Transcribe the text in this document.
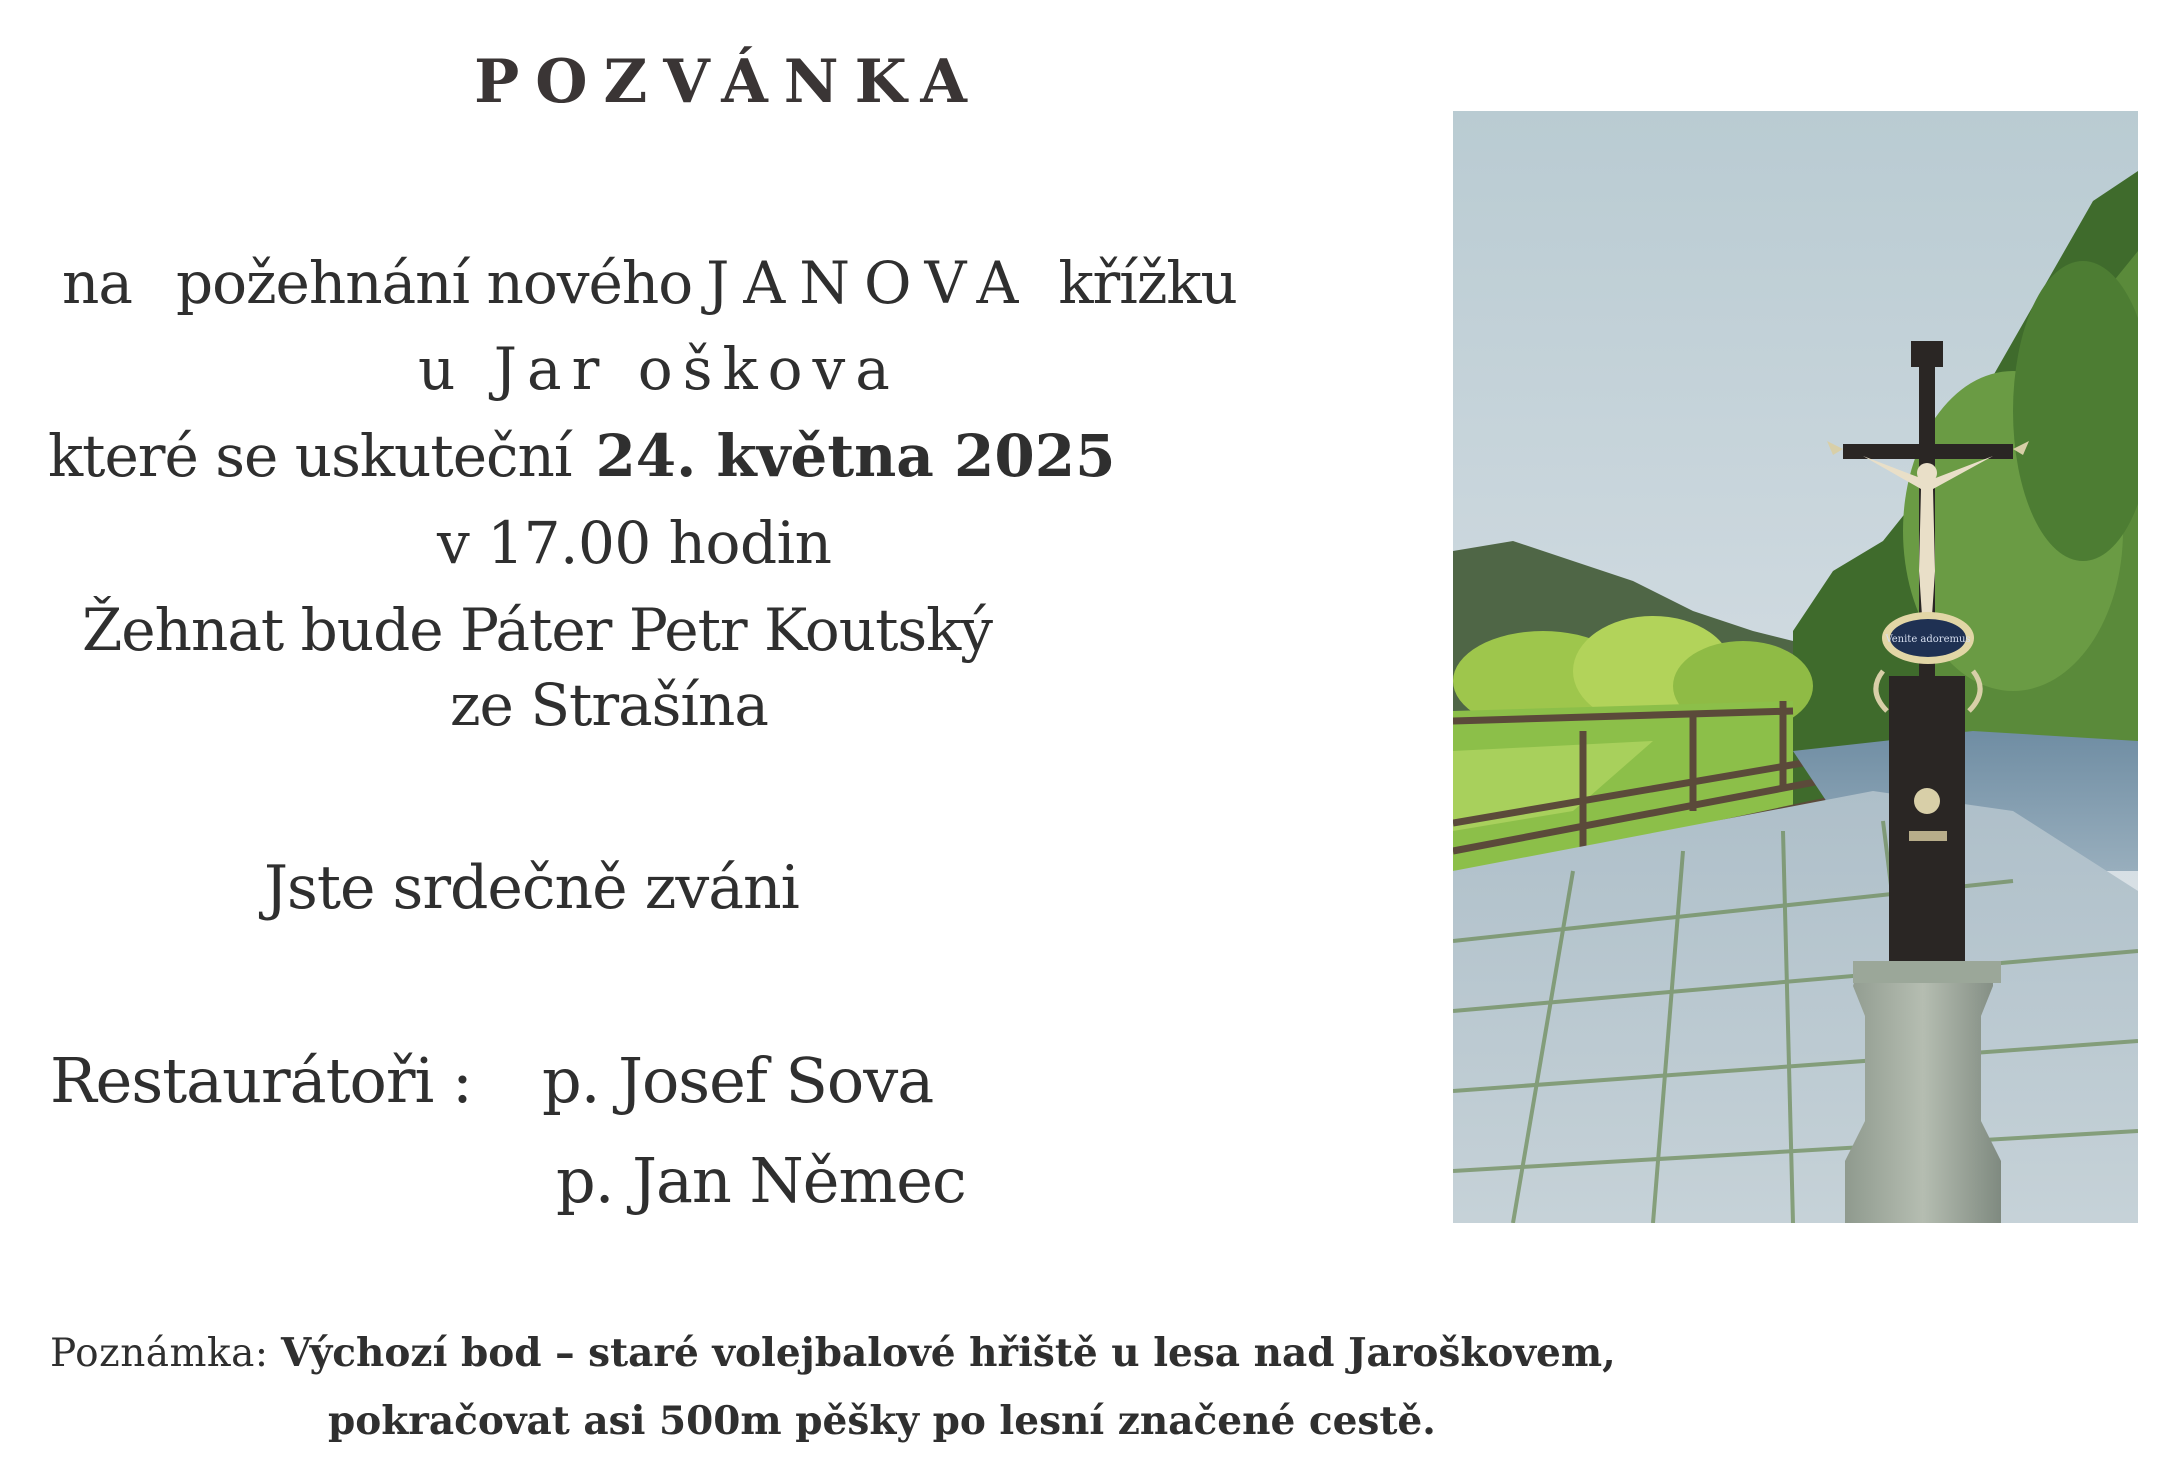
POZVÁNKA
na požehnání nového JANOVA křížku
u Jar oškova
které se uskuteční 24. května 2025
v 17.00 hodin
Žehnat bude Páter Petr Koutský
ze Strašína
Jste srdečně zváni
Restaurátoři : p. Josef Sova
p. Jan Němec
Poznámka: Výchozí bod – staré volejbalové hřiště u lesa nad Jaroškovem,
pokračovat asi 500m pěšky po lesní značené cestě.
Venite adoremus
